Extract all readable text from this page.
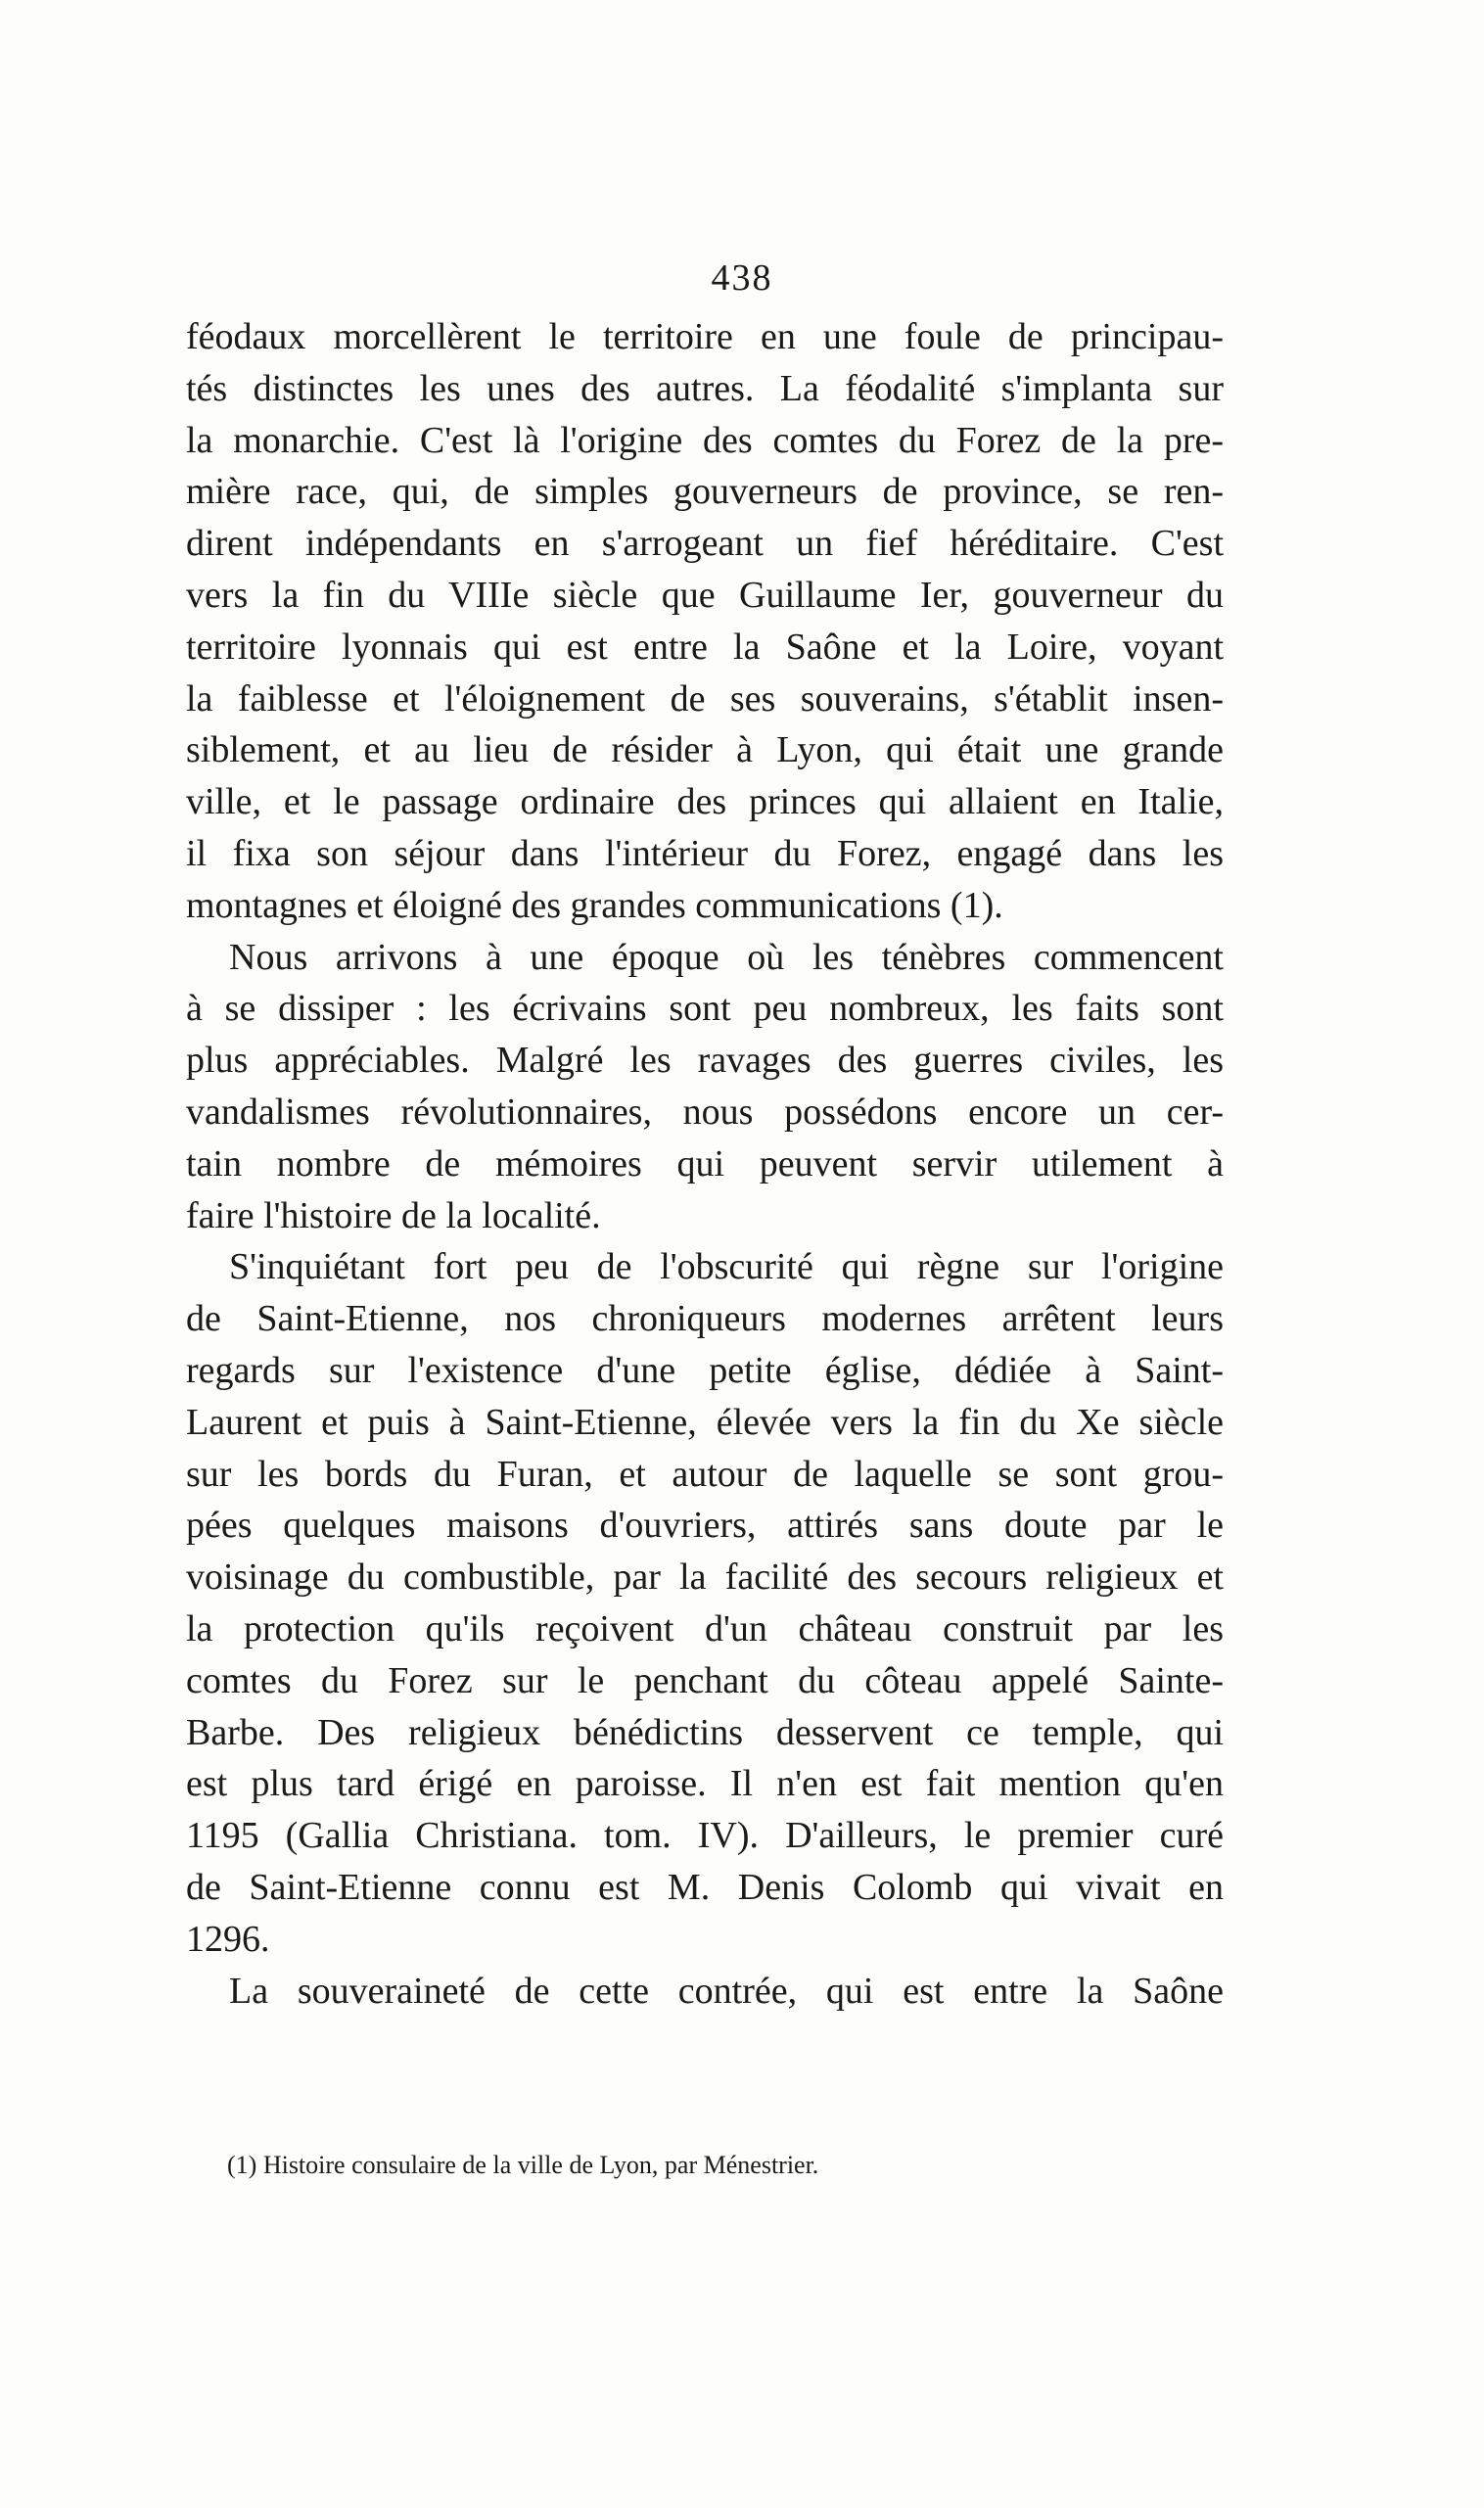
438
féodaux morcellèrent le territoire en une foule de principau-
tés distinctes les unes des autres. La féodalité s'implanta sur
la monarchie. C'est là l'origine des comtes du Forez de la pre-
mière race, qui, de simples gouverneurs de province, se ren-
dirent indépendants en s'arrogeant un fief héréditaire. C'est
vers la fin du VIIIe siècle que Guillaume Ier, gouverneur du
territoire lyonnais qui est entre la Saône et la Loire, voyant
la faiblesse et l'éloignement de ses souverains, s'établit insen-
siblement, et au lieu de résider à Lyon, qui était une grande
ville, et le passage ordinaire des princes qui allaient en Italie,
il fixa son séjour dans l'intérieur du Forez, engagé dans les
montagnes et éloigné des grandes communications (1).
Nous arrivons à une époque où les ténèbres commencent
à se dissiper : les écrivains sont peu nombreux, les faits sont
plus appréciables. Malgré les ravages des guerres civiles, les
vandalismes révolutionnaires, nous possédons encore un cer-
tain nombre de mémoires qui peuvent servir utilement à
faire l'histoire de la localité.
S'inquiétant fort peu de l'obscurité qui règne sur l'origine
de Saint-Etienne, nos chroniqueurs modernes arrêtent leurs
regards sur l'existence d'une petite église, dédiée à Saint-
Laurent et puis à Saint-Etienne, élevée vers la fin du Xe siècle
sur les bords du Furan, et autour de laquelle se sont grou-
pées quelques maisons d'ouvriers, attirés sans doute par le
voisinage du combustible, par la facilité des secours religieux et
la protection qu'ils reçoivent d'un château construit par les
comtes du Forez sur le penchant du côteau appelé Sainte-
Barbe. Des religieux bénédictins desservent ce temple, qui
est plus tard érigé en paroisse. Il n'en est fait mention qu'en
1195 (Gallia Christiana. tom. IV). D'ailleurs, le premier curé
de Saint-Etienne connu est M. Denis Colomb qui vivait en
1296.
La souveraineté de cette contrée, qui est entre la Saône
(1) Histoire consulaire de la ville de Lyon, par Ménestrier.
